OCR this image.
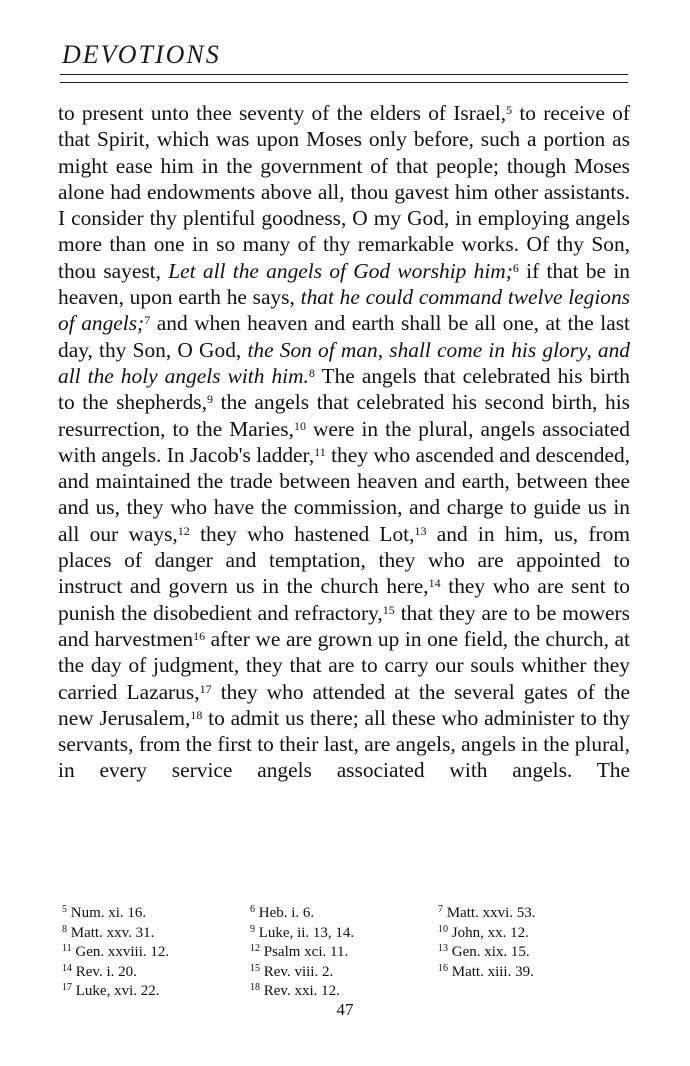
DEVOTIONS

to present unto thee seventy of the elders of Israel,$^5$ to receive of that Spirit, which was upon Moses only before, such a portion as might ease him in the government of that people; though Moses alone had endowments above all, thou gavest him other assistants. I consider thy plentiful goodness, O my God, in employing angels more than one in so many of thy remarkable works. Of thy Son, thou sayest, Let all the angels of God worship him;$^6$ if that be in heaven, upon earth he says, that he could command twelve legions of angels;$^7$ and when heaven and earth shall be all one, at the last day, thy Son, O God, the Son of man, shall come in his glory, and all the holy angels with him.$^8$ The angels that celebrated his birth to the shepherds,$^9$ the angels that celebrated his second birth, his resurrection, to the Maries,$^{10}$ were in the plural, angels associated with angels. In Jacob's ladder,$^{11}$ they who ascended and descended, and maintained the trade between heaven and earth, between thee and us, they who have the commission, and charge to guide us in all our ways,$^{12}$ they who hastened Lot,$^{13}$ and in him, us, from places of danger and temptation, they who are appointed to instruct and govern us in the church here,$^{14}$ they who are sent to punish the disobedient and refractory,$^{15}$ that they are to be mowers and harvestmen$^{16}$ after we are grown up in one field, the church, at the day of judgment, they that are to carry our souls whither they carried Lazarus,$^{17}$ they who attended at the several gates of the new Jerusalem,$^{18}$ to admit us there; all these who administer to thy servants, from the first to their last, are angels, angels in the plural, in every service angels associated with angels. The

$^5$ Num. xi. 16.	$^6$ Heb. i. 6.	$^7$ Matt. xxvi. 53.
$^8$ Matt. xxv. 31.	$^9$ Luke, ii. 13, 14.	$^{10}$ John, xx. 12.
$^{11}$ Gen. xxviii. 12.	$^{12}$ Psalm xci. 11.	$^{13}$ Gen. xix. 15.
$^{14}$ Rev. i. 20.	$^{15}$ Rev. viii. 2.	$^{16}$ Matt. xiii. 39.
$^{17}$ Luke, xvi. 22.	$^{18}$ Rev. xxi. 12.	
47
